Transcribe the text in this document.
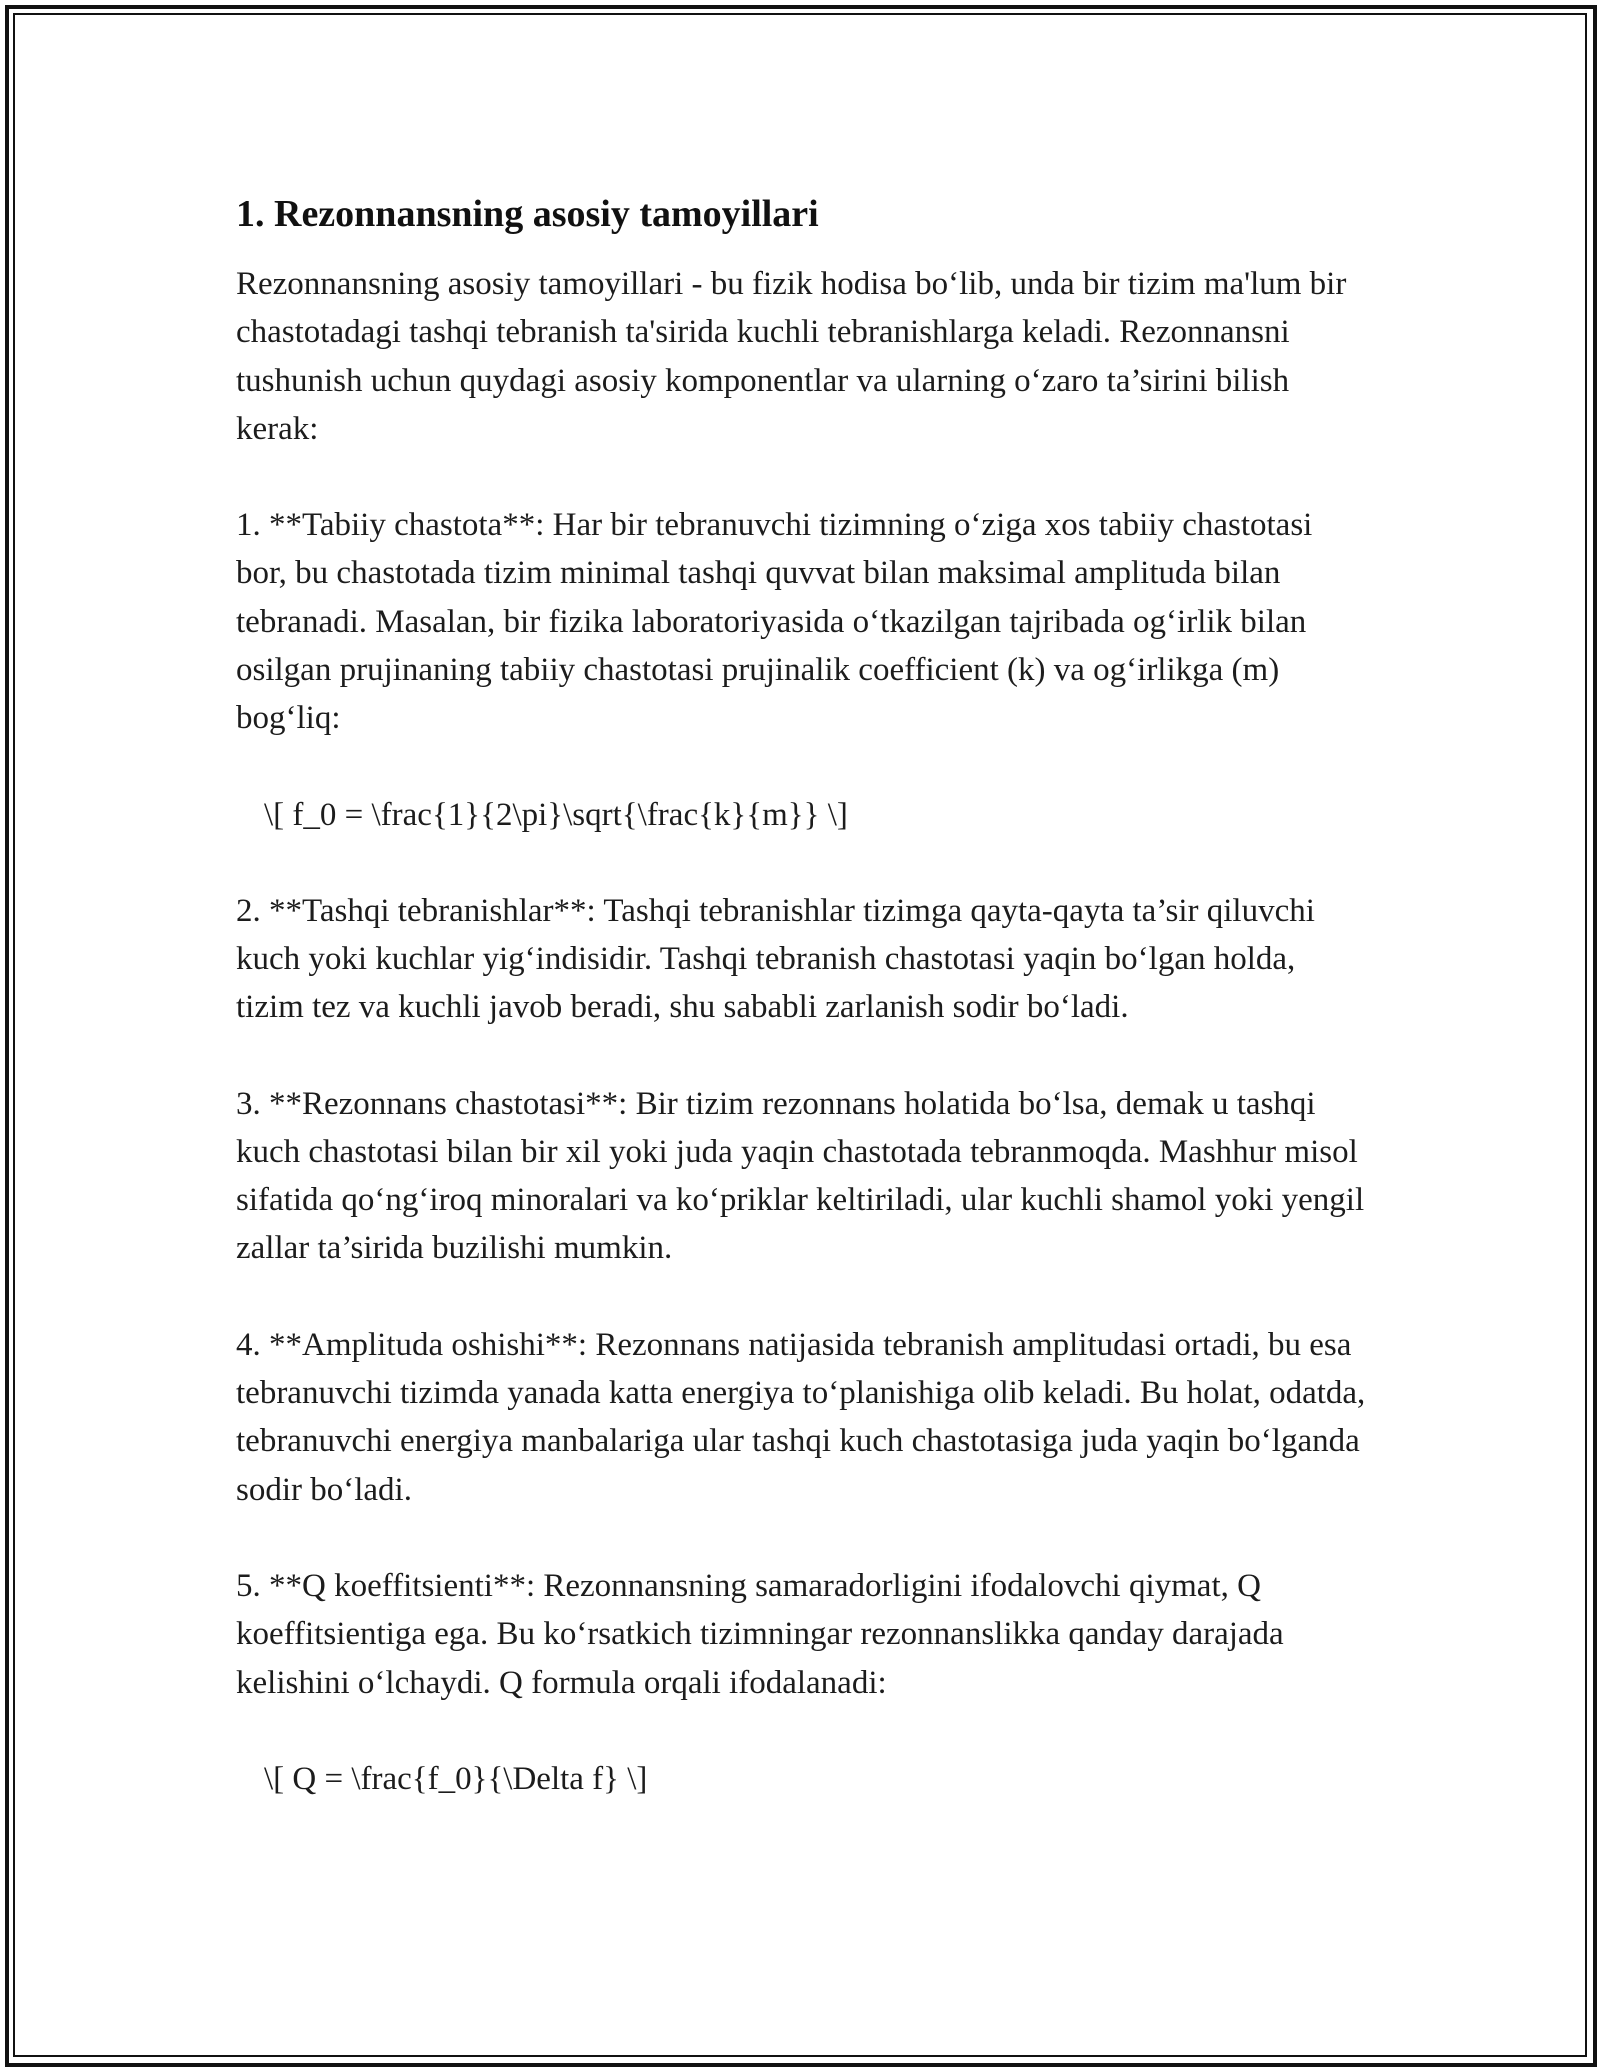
1. Rezonnansning asosiy tamoyillari

Rezonnansning asosiy tamoyillari - bu fizik hodisa bo‘lib, unda bir tizim ma'lum bir chastotadagi tashqi tebranish ta'sirida kuchli tebranishlarga keladi. Rezonnansni tushunish uchun quydagi asosiy komponentlar va ularning o‘zaro ta’sirini bilish kerak:

1. **Tabiiy chastota**: Har bir tebranuvchi tizimning o‘ziga xos tabiiy chastotasi bor, bu chastotada tizim minimal tashqi quvvat bilan maksimal amplituda bilan tebranadi. Masalan, bir fizika laboratoriyasida o‘tkazilgan tajribada og‘irlik bilan osilgan prujinaning tabiiy chastotasi prujinalik coefficient (k) va og‘irlikga (m) bog‘liq:

\[ f_0 = \frac{1}{2\pi}\sqrt{\frac{k}{m}} \]

2. **Tashqi tebranishlar**: Tashqi tebranishlar tizimga qayta-qayta ta’sir qiluvchi kuch yoki kuchlar yig‘indisidir. Tashqi tebranish chastotasi yaqin bo‘lgan holda, tizim tez va kuchli javob beradi, shu sababli zarlanish sodir bo‘ladi.

3. **Rezonnans chastotasi**: Bir tizim rezonnans holatida bo‘lsa, demak u tashqi kuch chastotasi bilan bir xil yoki juda yaqin chastotada tebranmoqda. Mashhur misol sifatida qo‘ng‘iroq minoralari va ko‘priklar keltiriladi, ular kuchli shamol yoki yengil zallar ta’sirida buzilishi mumkin.

4. **Amplituda oshishi**: Rezonnans natijasida tebranish amplitudasi ortadi, bu esa tebranuvchi tizimda yanada katta energiya to‘planishiga olib keladi. Bu holat, odatda, tebranuvchi energiya manbalariga ular tashqi kuch chastotasiga juda yaqin bo‘lganda sodir bo‘ladi.

5. **Q koeffitsienti**: Rezonnansning samaradorligini ifodalovchi qiymat, Q koeffitsientiga ega. Bu ko‘rsatkich tizimningar rezonnanslikka qanday darajada kelishini o‘lchaydi. Q formula orqali ifodalanadi:

\[ Q = \frac{f_0}{\Delta f} \]
